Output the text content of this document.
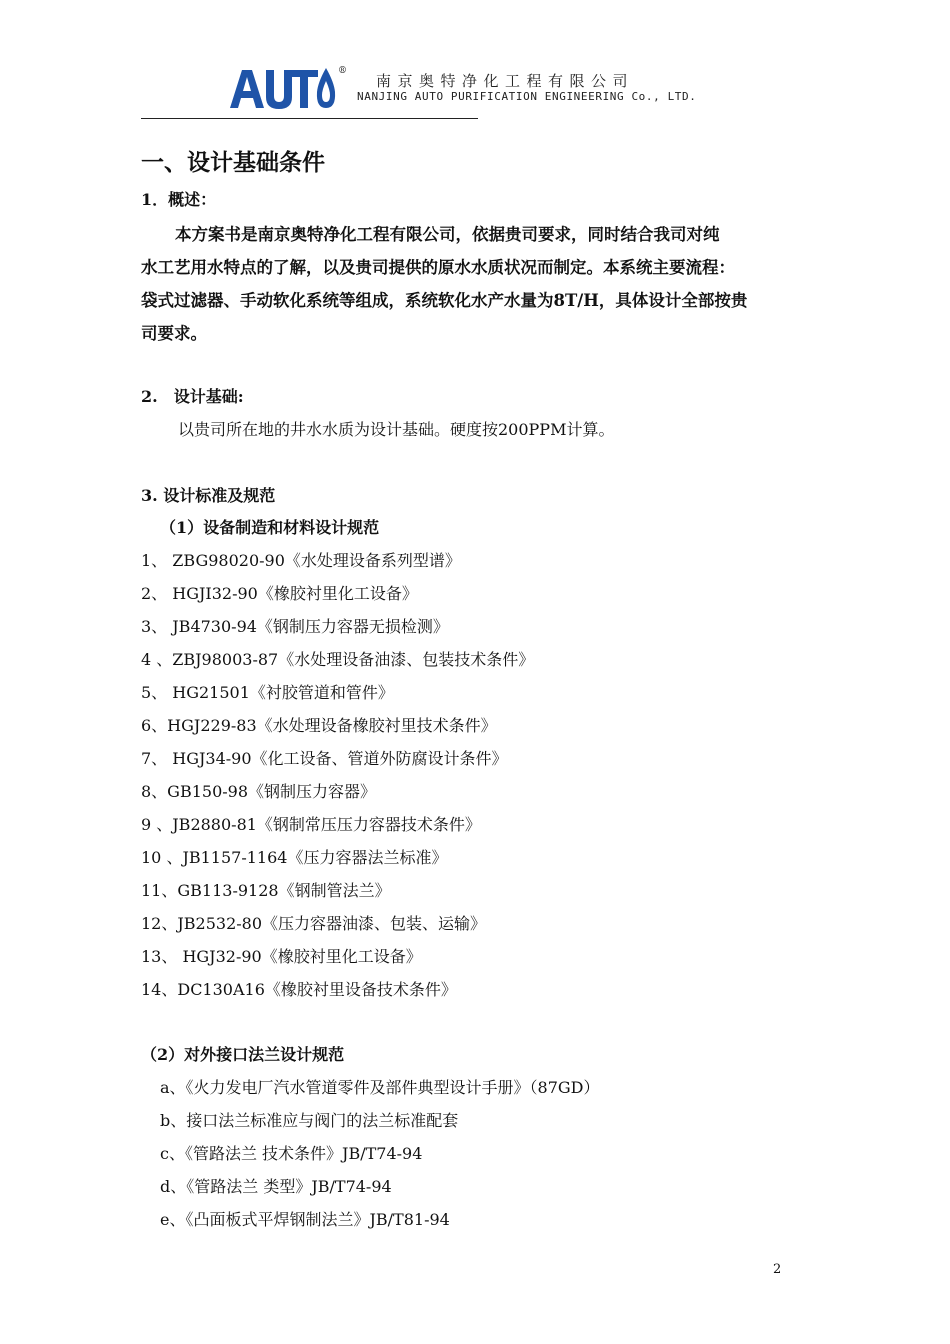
®
南京奥特净化工程有限公司
NANJING AUTO PURIFICATION ENGINEERING Co., LTD.
一、设计基础条件
1．概述：
本方案书是南京奥特净化工程有限公司，依据贵司要求，同时结合我司对纯
水工艺用水特点的了解，以及贵司提供的原水水质状况而制定。本系统主要流程：
袋式过滤器、手动软化系统等组成，系统软化水产水量为8T/H，具体设计全部按贵
司要求。
2.　设计基础:
以贵司所在地的井水水质为设计基础。硬度按200PPM计算。
3. 设计标准及规范
（1）设备制造和材料设计规范
1、 ZBG98020-90《水处理设备系列型谱》
2、 HGJI32-90《橡胶衬里化工设备》
3、 JB4730-94《钢制压力容器无损检测》
4 、ZBJ98003-87《水处理设备油漆、包装技术条件》
5、 HG21501《衬胶管道和管件》
6、HGJ229-83《水处理设备橡胶衬里技术条件》
7、 HGJ34-90《化工设备、管道外防腐设计条件》
8、GB150-98《钢制压力容器》
9 、JB2880-81《钢制常压压力容器技术条件》
10 、JB1157-1164《压力容器法兰标准》
11、GB113-9128《钢制管法兰》
12、JB2532-80《压力容器油漆、包装、运输》
13、 HGJ32-90《橡胶衬里化工设备》
14、DC130A16《橡胶衬里设备技术条件》
（2）对外接口法兰设计规范
a、《火力发电厂汽水管道零件及部件典型设计手册》（87GD）
b、接口法兰标准应与阀门的法兰标准配套
c、《管路法兰 技术条件》JB/T74-94
d、《管路法兰 类型》JB/T74-94
e、《凸面板式平焊钢制法兰》JB/T81-94
2
